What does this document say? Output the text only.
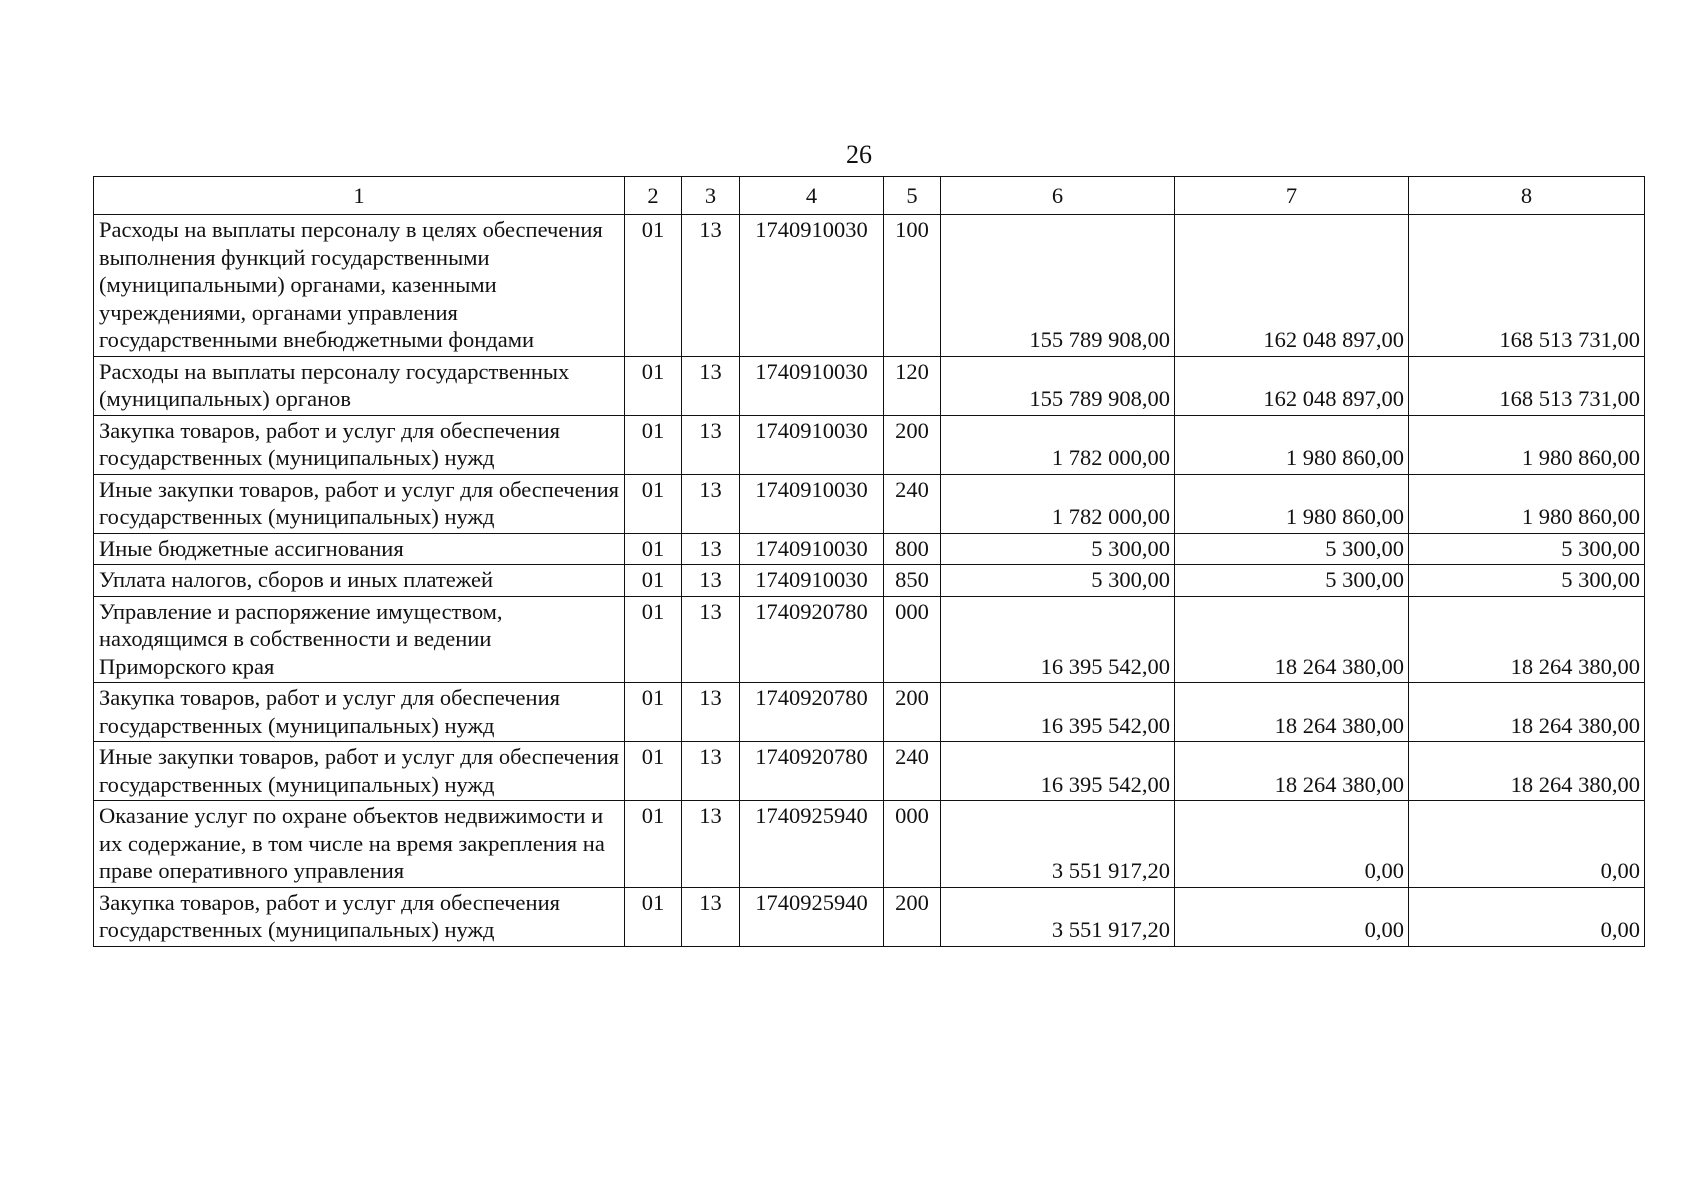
26
1	2	3	4	5	6	7	8
Расходы на выплаты персоналу в целях обеспечения выполнения функций государственными (муниципальными) органами, казенными учреждениями, органами управления государственными внебюджетными фондами	01	13	1740910030	100	155 789 908,00	162 048 897,00	168 513 731,00
Расходы на выплаты персоналу государственных (муниципальных) органов	01	13	1740910030	120	155 789 908,00	162 048 897,00	168 513 731,00
Закупка товаров, работ и услуг для обеспечения государственных (муниципальных) нужд	01	13	1740910030	200	1 782 000,00	1 980 860,00	1 980 860,00
Иные закупки товаров, работ и услуг для обеспечения государственных (муниципальных) нужд	01	13	1740910030	240	1 782 000,00	1 980 860,00	1 980 860,00
Иные бюджетные ассигнования	01	13	1740910030	800	5 300,00	5 300,00	5 300,00
Уплата налогов, сборов и иных платежей	01	13	1740910030	850	5 300,00	5 300,00	5 300,00
Управление и распоряжение имуществом, находящимся в собственности и ведении Приморского края	01	13	1740920780	000	16 395 542,00	18 264 380,00	18 264 380,00
Закупка товаров, работ и услуг для обеспечения государственных (муниципальных) нужд	01	13	1740920780	200	16 395 542,00	18 264 380,00	18 264 380,00
Иные закупки товаров, работ и услуг для обеспечения государственных (муниципальных) нужд	01	13	1740920780	240	16 395 542,00	18 264 380,00	18 264 380,00
Оказание услуг по охране объектов недвижимости и их содержание, в том числе на время закрепления на праве оперативного управления	01	13	1740925940	000	3 551 917,20	0,00	0,00
Закупка товаров, работ и услуг для обеспечения государственных (муниципальных) нужд	01	13	1740925940	200	3 551 917,20	0,00	0,00
